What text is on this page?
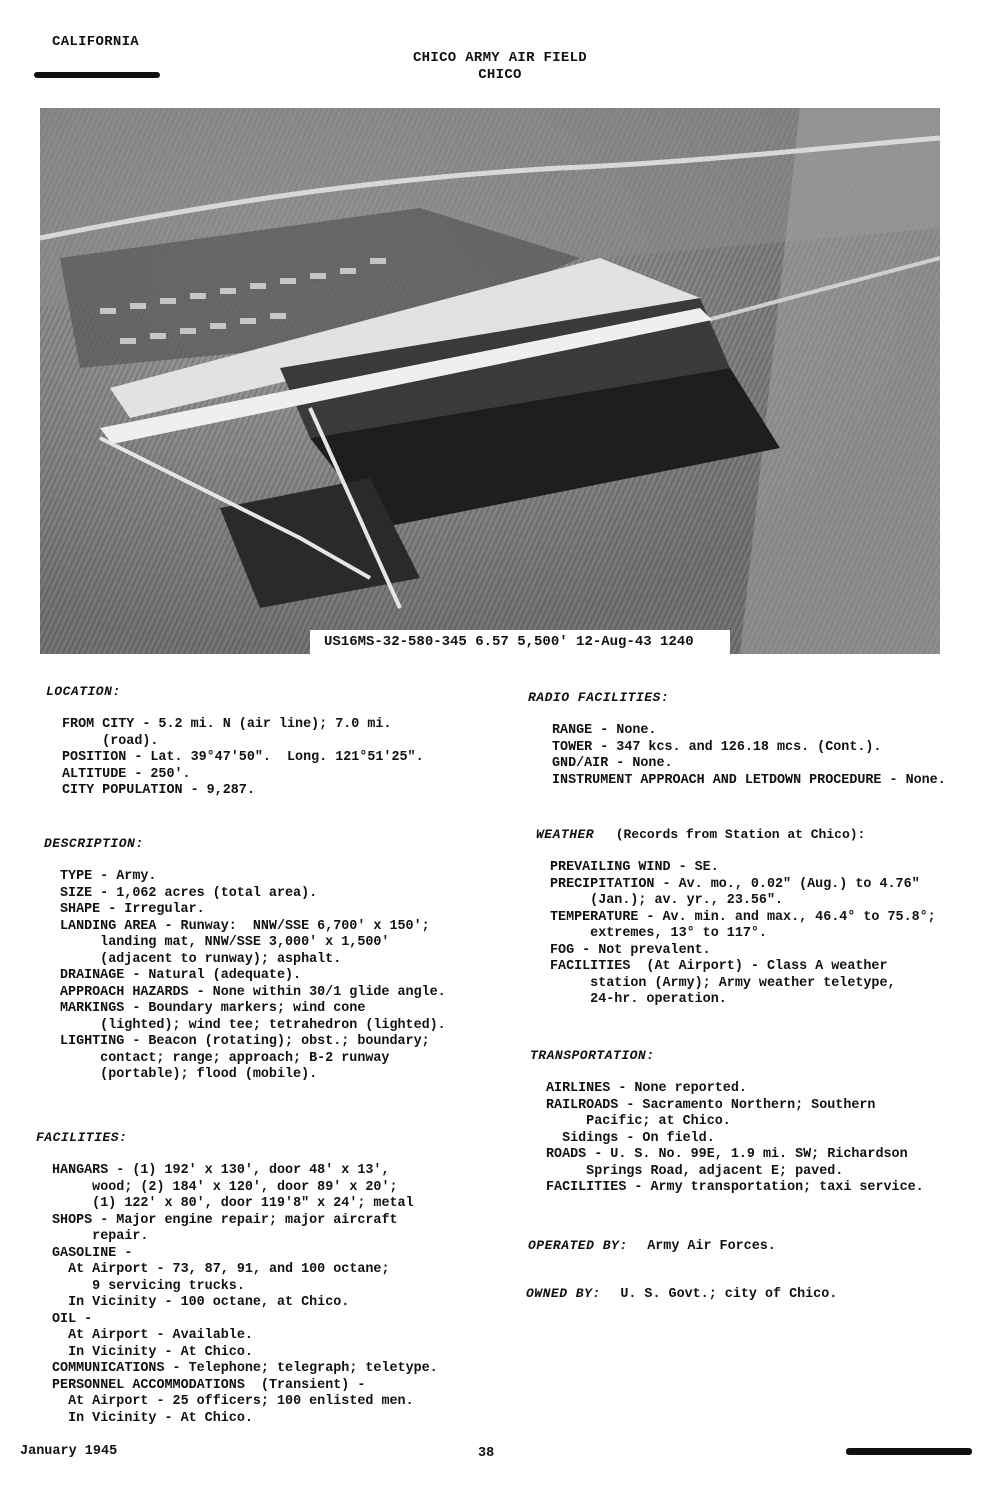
CALIFORNIA
CHICO ARMY AIR FIELD
CHICO
US16MS-32-580-345 6.57 5,500' 12-Aug-43 1240
LOCATION:
FROM CITY - 5.2 mi. N (air line); 7.0 mi.
(road).
POSITION - Lat. 39°47'50".  Long. 121°51'25".
ALTITUDE - 250'.
CITY POPULATION - 9,287.
DESCRIPTION:
TYPE - Army.
SIZE - 1,062 acres (total area).
SHAPE - Irregular.
LANDING AREA - Runway:  NNW/SSE 6,700' x 150';
landing mat, NNW/SSE 3,000' x 1,500'
(adjacent to runway); asphalt.
DRAINAGE - Natural (adequate).
APPROACH HAZARDS - None within 30/1 glide angle.
MARKINGS - Boundary markers; wind cone
(lighted); wind tee; tetrahedron (lighted).
LIGHTING - Beacon (rotating); obst.; boundary;
contact; range; approach; B-2 runway
(portable); flood (mobile).
FACILITIES:
HANGARS - (1) 192' x 130', door 48' x 13',
wood; (2) 184' x 120', door 89' x 20';
(1) 122' x 80', door 119'8" x 24'; metal
SHOPS - Major engine repair; major aircraft
repair.
GASOLINE -
At Airport - 73, 87, 91, and 100 octane;
9 servicing trucks.
In Vicinity - 100 octane, at Chico.
OIL -
At Airport - Available.
In Vicinity - At Chico.
COMMUNICATIONS - Telephone; telegraph; teletype.
PERSONNEL ACCOMMODATIONS  (Transient) -
At Airport - 25 officers; 100 enlisted men.
In Vicinity - At Chico.
RADIO FACILITIES:
RANGE - None.
TOWER - 347 kcs. and 126.18 mcs. (Cont.).
GND/AIR - None.
INSTRUMENT APPROACH AND LETDOWN PROCEDURE - None.
WEATHER (Records from Station at Chico):
PREVAILING WIND - SE.
PRECIPITATION - Av. mo., 0.02" (Aug.) to 4.76"
(Jan.); av. yr., 23.56".
TEMPERATURE - Av. min. and max., 46.4° to 75.8°;
extremes, 13° to 117°.
FOG - Not prevalent.
FACILITIES  (At Airport) - Class A weather
station (Army); Army weather teletype,
24-hr. operation.
TRANSPORTATION:
AIRLINES - None reported.
RAILROADS - Sacramento Northern; Southern
Pacific; at Chico.
Sidings - On field.
ROADS - U. S. No. 99E, 1.9 mi. SW; Richardson
Springs Road, adjacent E; paved.
FACILITIES - Army transportation; taxi service.
OPERATED BY: Army Air Forces.
OWNED BY: U. S. Govt.; city of Chico.
January 1945	38
